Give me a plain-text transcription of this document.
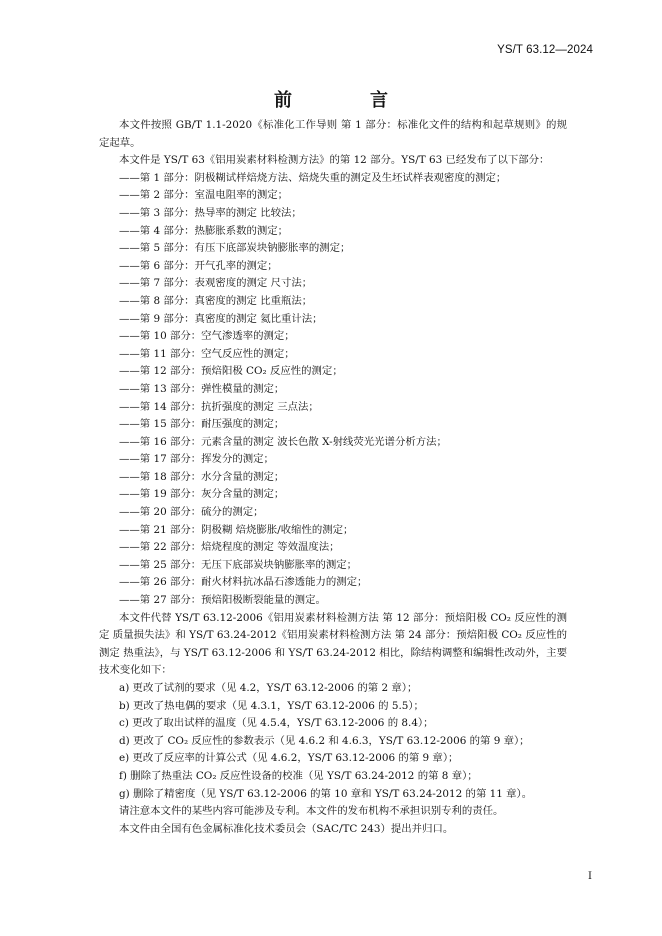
YS/T 63.12—2024
前　言

本文件按照 GB/T 1.1-2020《标准化工作导则 第 1 部分：标准化文件的结构和起草规则》的规定起草。

本文件是 YS/T 63《铝用炭素材料检测方法》的第 12 部分。YS/T 63 已经发布了以下部分：

——第 1 部分：阴极糊试样焙烧方法、焙烧失重的测定及生坯试样表观密度的测定；

——第 2 部分：室温电阻率的测定；

——第 3 部分：热导率的测定 比较法；

——第 4 部分：热膨胀系数的测定；

——第 5 部分：有压下底部炭块钠膨胀率的测定；

——第 6 部分：开气孔率的测定；

——第 7 部分：表观密度的测定 尺寸法；

——第 8 部分：真密度的测定 比重瓶法；

——第 9 部分：真密度的测定 氦比重计法；

——第 10 部分：空气渗透率的测定；

——第 11 部分：空气反应性的测定；

——第 12 部分：预焙阳极 CO₂ 反应性的测定；

——第 13 部分：弹性模量的测定；

——第 14 部分：抗折强度的测定 三点法；

——第 15 部分：耐压强度的测定；

——第 16 部分：元素含量的测定 波长色散 X-射线荧光光谱分析方法；

——第 17 部分：挥发分的测定；

——第 18 部分：水分含量的测定；

——第 19 部分：灰分含量的测定；

——第 20 部分：硫分的测定；

——第 21 部分：阴极糊 焙烧膨胀/收缩性的测定；

——第 22 部分：焙烧程度的测定 等效温度法；

——第 25 部分：无压下底部炭块钠膨胀率的测定；

——第 26 部分：耐火材料抗冰晶石渗透能力的测定；

——第 27 部分：预焙阳极断裂能量的测定。

本文件代替 YS/T 63.12-2006《铝用炭素材料检测方法 第 12 部分：预焙阳极 CO₂ 反应性的测定 质量损失法》和 YS/T 63.24-2012《铝用炭素材料检测方法 第 24 部分：预焙阳极 CO₂ 反应性的测定 热重法》，与 YS/T 63.12-2006 和 YS/T 63.24-2012 相比，除结构调整和编辑性改动外，主要技术变化如下：

a) 更改了试剂的要求（见 4.2，YS/T 63.12-2006 的第 2 章）；

b) 更改了热电偶的要求（见 4.3.1，YS/T 63.12-2006 的 5.5）；

c) 更改了取出试样的温度（见 4.5.4，YS/T 63.12-2006 的 8.4）；

d) 更改了 CO₂ 反应性的参数表示（见 4.6.2 和 4.6.3，YS/T 63.12-2006 的第 9 章）；

e) 更改了反应率的计算公式（见 4.6.2，YS/T 63.12-2006 的第 9 章）；

f) 删除了热重法 CO₂ 反应性设备的校准（见 YS/T 63.24-2012 的第 8 章）；

g) 删除了精密度（见 YS/T 63.12-2006 的第 10 章和 YS/T 63.24-2012 的第 11 章）。

请注意本文件的某些内容可能涉及专利。本文件的发布机构不承担识别专利的责任。

本文件由全国有色金属标准化技术委员会（SAC/TC 243）提出并归口。

I
